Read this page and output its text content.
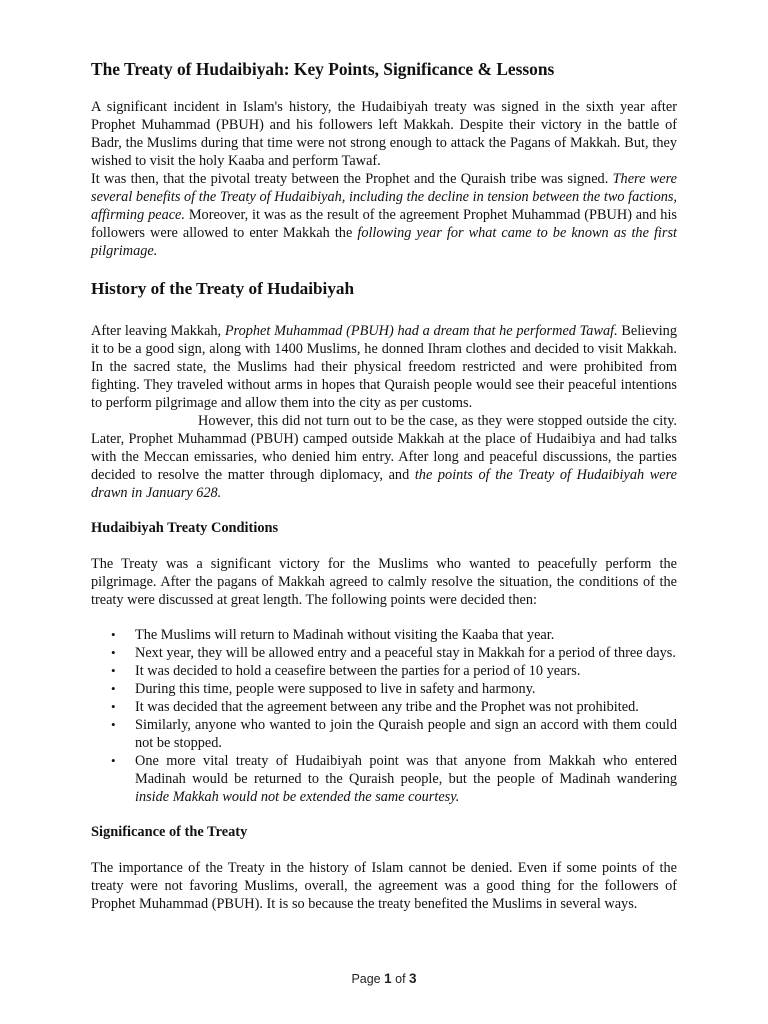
The Treaty of Hudaibiyah: Key Points, Significance & Lessons

A significant incident in Islam's history, the Hudaibiyah treaty was signed in the sixth year after Prophet Muhammad (PBUH) and his followers left Makkah. Despite their victory in the battle of Badr, the Muslims during that time were not strong enough to attack the Pagans of Makkah. But, they wished to visit the holy Kaaba and perform Tawaf.
It was then, that the pivotal treaty between the Prophet and the Quraish tribe was signed. There were several benefits of the Treaty of Hudaibiyah, including the decline in tension between the two factions, affirming peace. Moreover, it was as the result of the agreement Prophet Muhammad (PBUH) and his followers were allowed to enter Makkah the following year for what came to be known as the first pilgrimage.

History of the Treaty of Hudaibiyah

After leaving Makkah, Prophet Muhammad (PBUH) had a dream that he performed Tawaf. Believing it to be a good sign, along with 1400 Muslims, he donned Ihram clothes and decided to visit Makkah. In the sacred state, the Muslims had their physical freedom restricted and were prohibited from fighting. They traveled without arms in hopes that Quraish people would see their peaceful intentions to perform pilgrimage and allow them into the city as per customs.
However, this did not turn out to be the case, as they were stopped outside the city. Later, Prophet Muhammad (PBUH) camped outside Makkah at the place of Hudaibiya and had talks with the Meccan emissaries, who denied him entry. After long and peaceful discussions, the parties decided to resolve the matter through diplomacy, and the points of the Treaty of Hudaibiyah were drawn in January 628.

Hudaibiyah Treaty Conditions

The Treaty was a significant victory for the Muslims who wanted to peacefully perform the pilgrimage. After the pagans of Makkah agreed to calmly resolve the situation, the conditions of the treaty were discussed at great length. The following points were decided then:

• The Muslims will return to Madinah without visiting the Kaaba that year.
• Next year, they will be allowed entry and a peaceful stay in Makkah for a period of three days.
• It was decided to hold a ceasefire between the parties for a period of 10 years.
• During this time, people were supposed to live in safety and harmony.
• It was decided that the agreement between any tribe and the Prophet was not prohibited.
• Similarly, anyone who wanted to join the Quraish people and sign an accord with them could not be stopped.
• One more vital treaty of Hudaibiyah point was that anyone from Makkah who entered Madinah would be returned to the Quraish people, but the people of Madinah wandering inside Makkah would not be extended the same courtesy.
Significance of the Treaty

The importance of the Treaty in the history of Islam cannot be denied. Even if some points of the treaty were not favoring Muslims, overall, the agreement was a good thing for the followers of Prophet Muhammad (PBUH). It is so because the treaty benefited the Muslims in several ways.

Page 1 of 3
